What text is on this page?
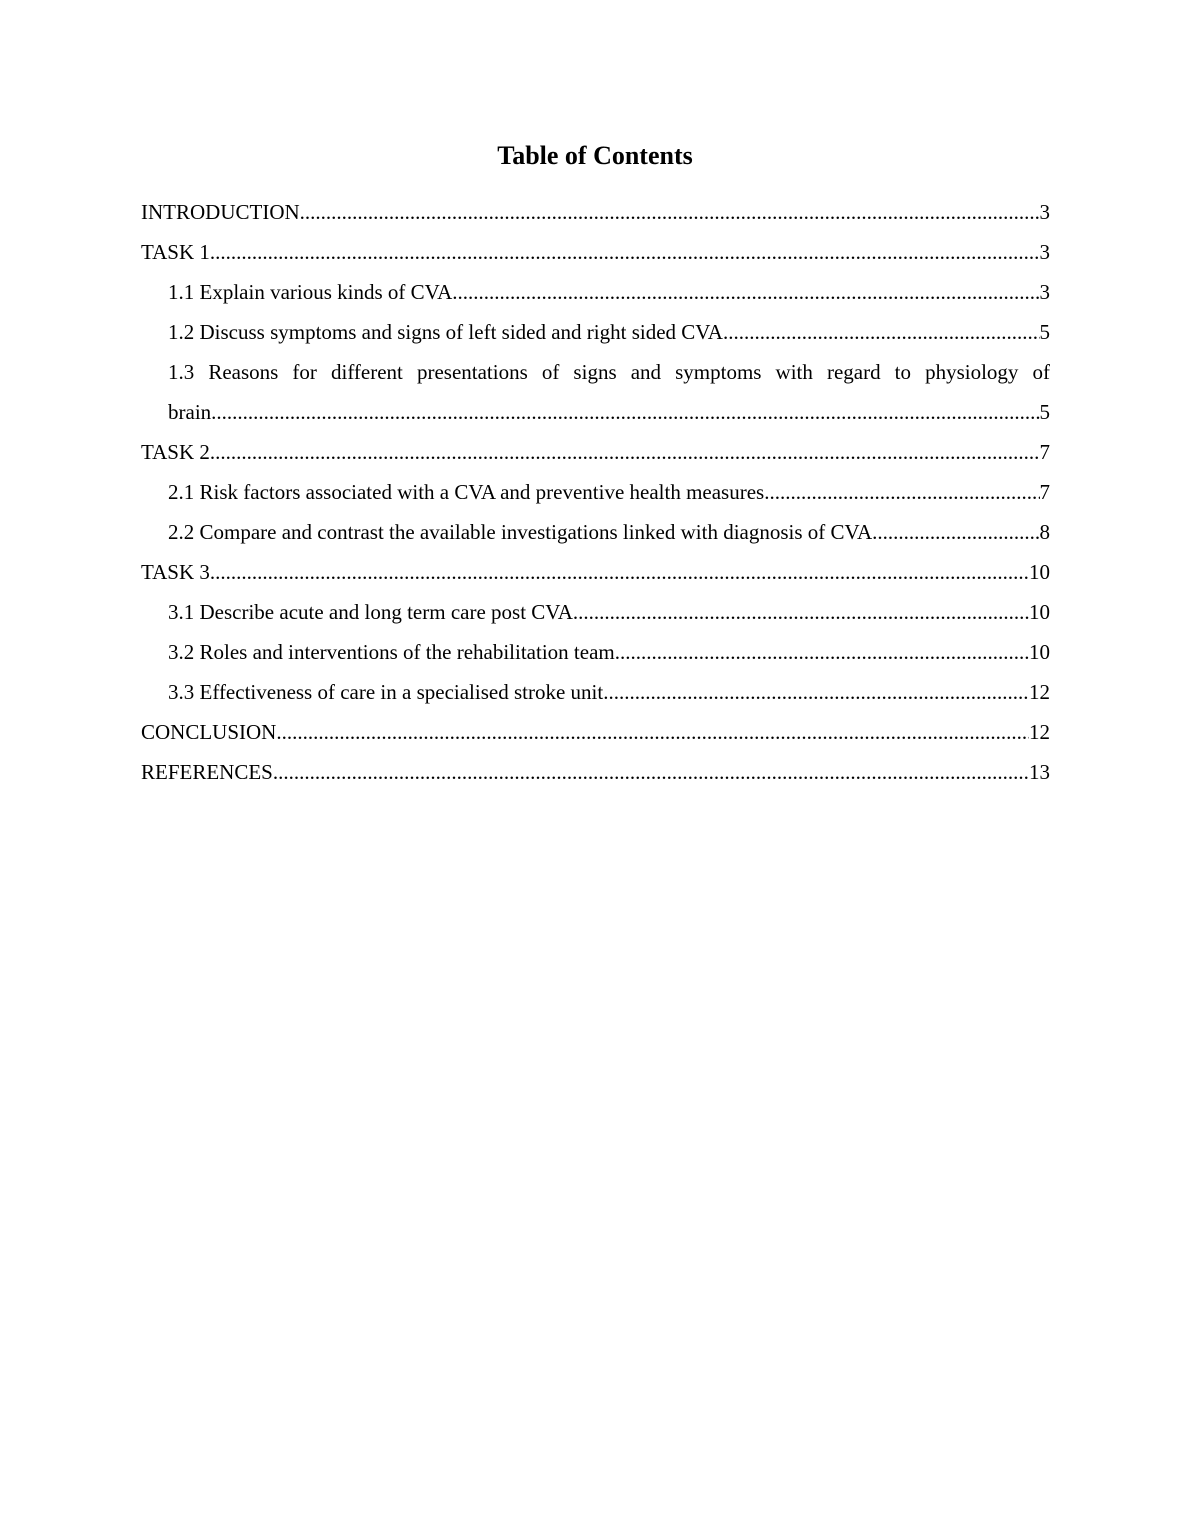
Table of Contents
INTRODUCTION .....	3
TASK 1 .....	3
1.1 Explain various kinds of CVA .....	3
1.2 Discuss symptoms and signs of left sided and right sided CVA .....	5
1.3 Reasons for different presentations of signs and symptoms with regard to physiology of
brain .....	5
TASK 2 .....	7
2.1 Risk factors associated with a CVA and preventive health measures .....	7
2.2 Compare and contrast the available investigations linked with diagnosis of CVA .....	8
TASK 3 .....	10
3.1 Describe acute and long term care post CVA .....	10
3.2 Roles and interventions of the rehabilitation team .....	10
3.3 Effectiveness of care in a specialised stroke unit .....	12
CONCLUSION .....	12
REFERENCES .....	13
